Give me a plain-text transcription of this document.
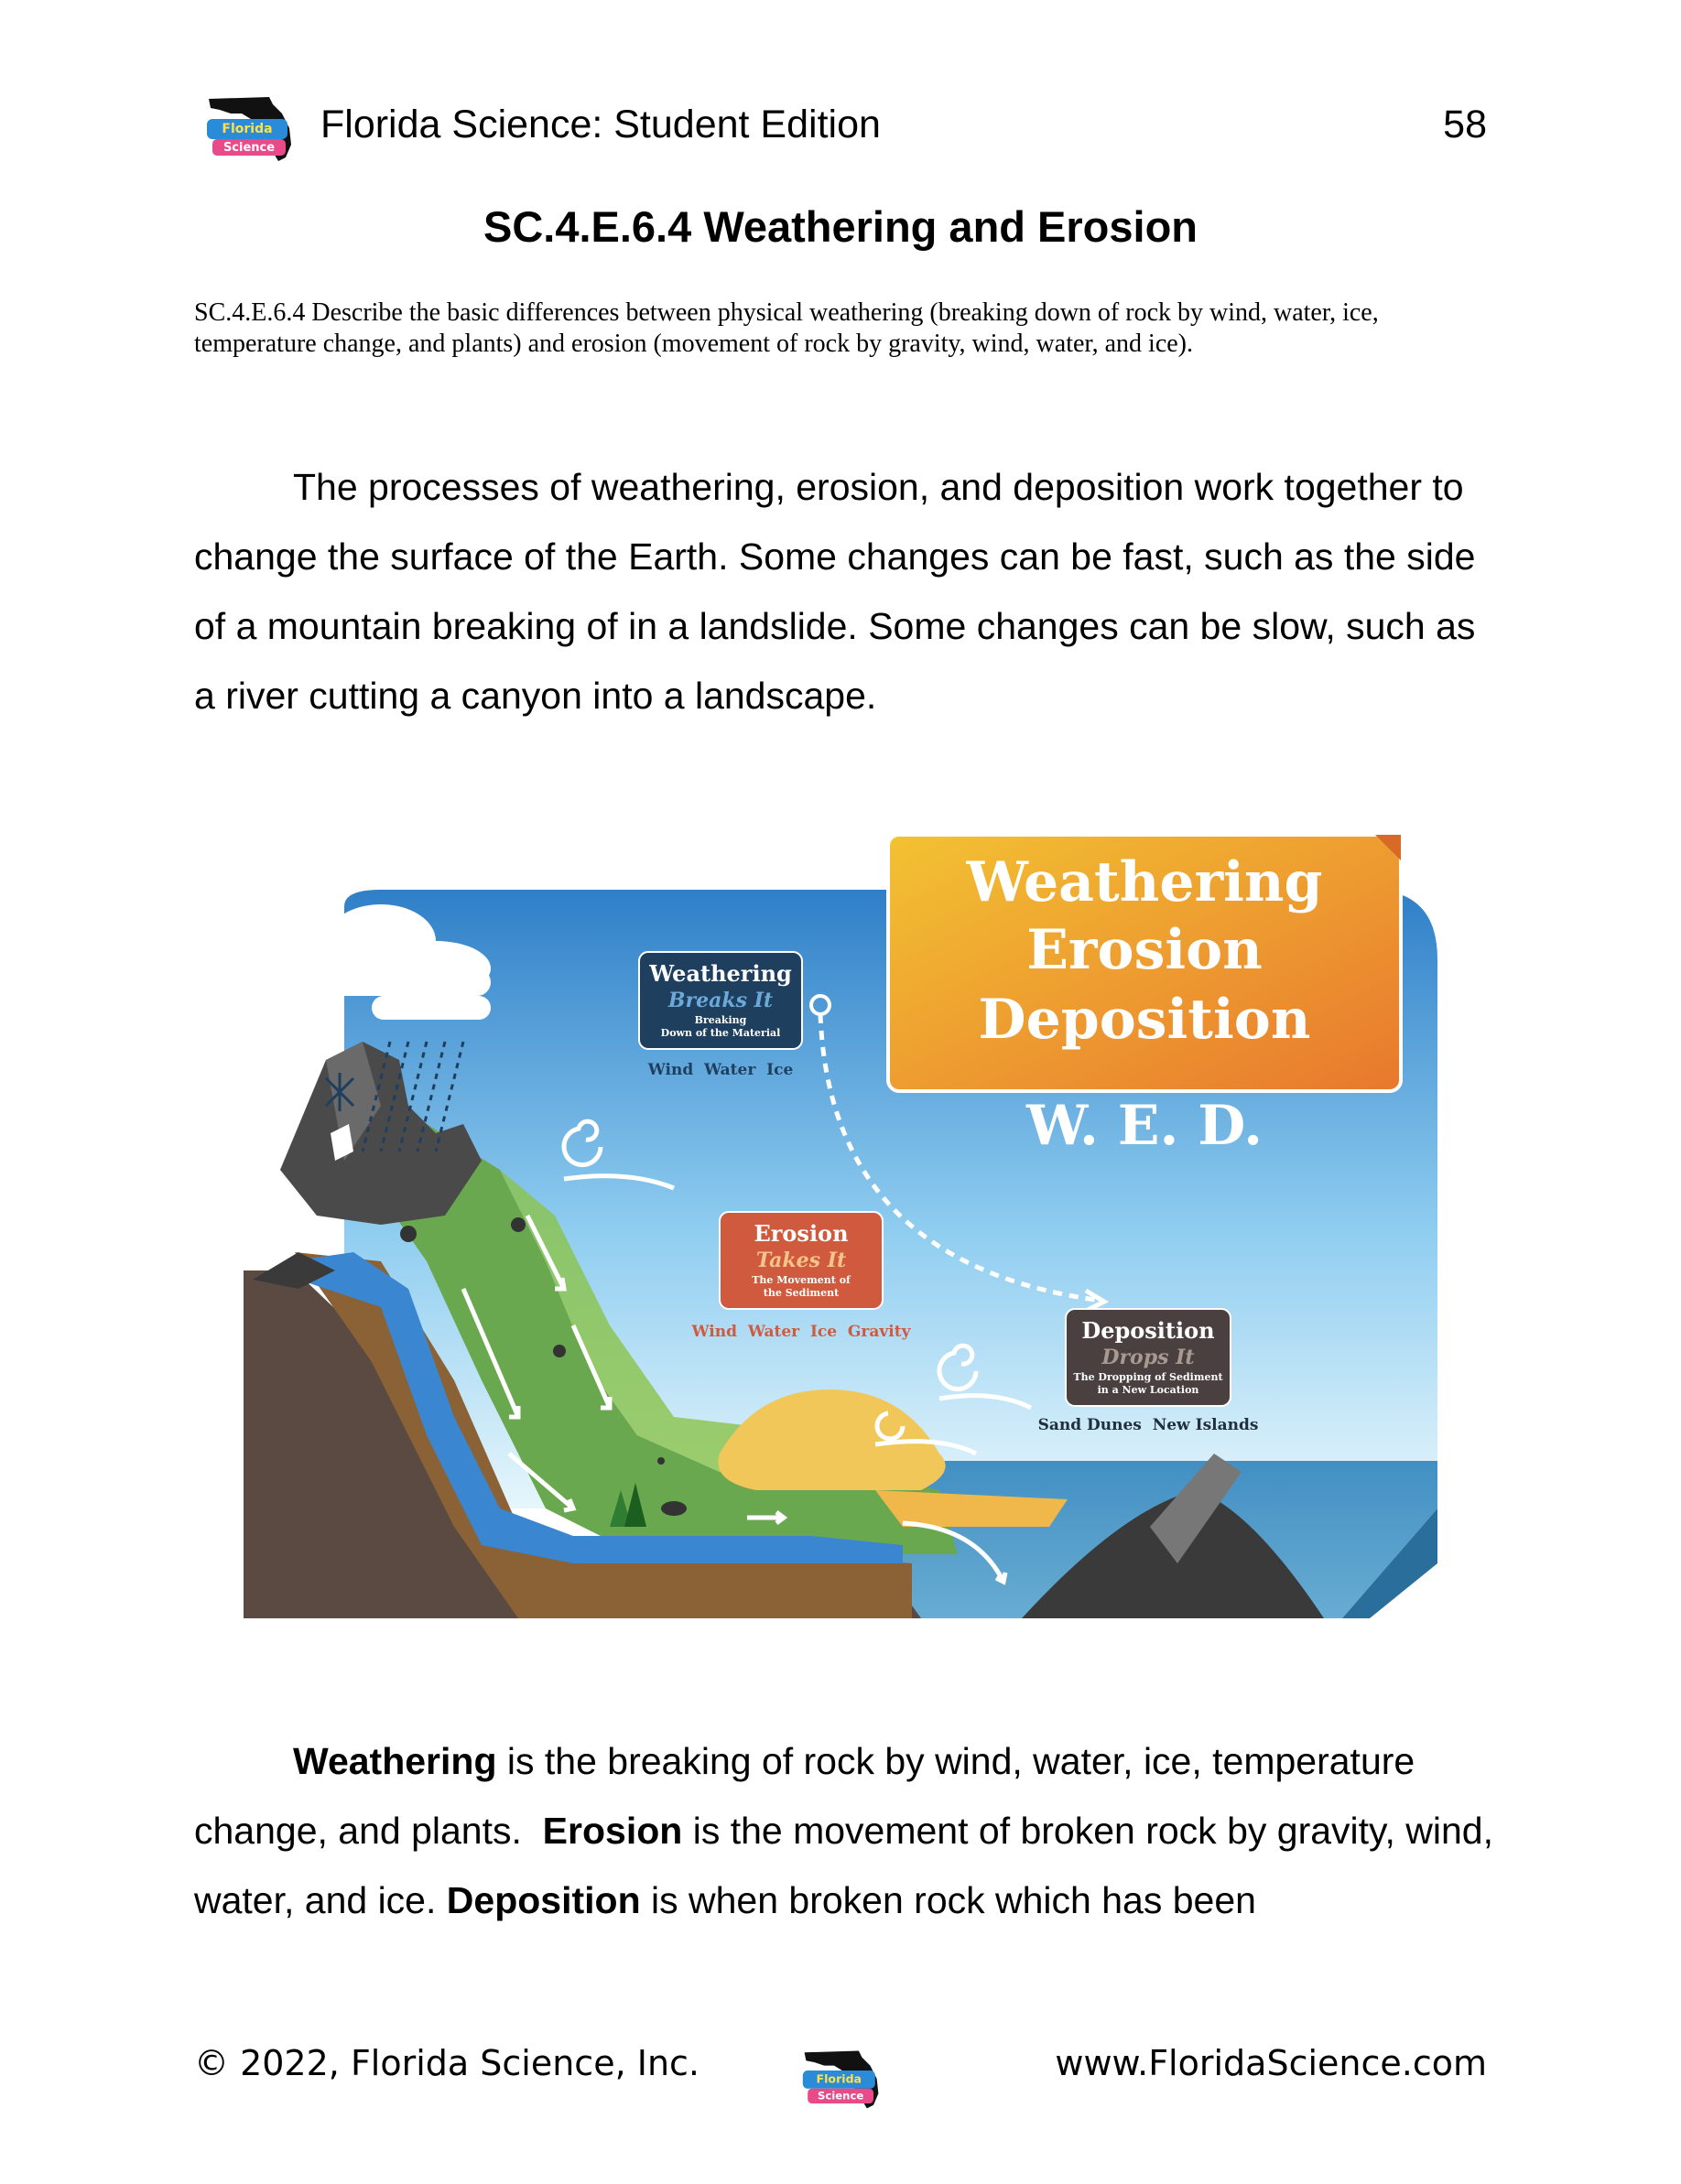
Florida
Science
Florida Science: Student Edition	58
SC.4.E.6.4 Weathering and Erosion
SC.4.E.6.4 Describe the basic differences between physical weathering (breaking down of rock by wind, water, ice, temperature change, and plants) and erosion (movement of rock by gravity, wind, water, and ice).

The processes of weathering, erosion, and deposition work together to change the surface of the Earth. Some changes can be fast, such as the side of a mountain breaking of in a landslide. Some changes can be slow, such as a river cutting a canyon into a landscape.

Weathering
Breaks It
Breaking
Down of the Material
Wind  Water  Ice
Erosion
Takes It
The Movement of
the Sediment
Wind  Water  Ice  Gravity	Deposition
Drops It
The Dropping of Sediment
in a New Location
Sand Dunes  New Islands
Weathering
Erosion
Deposition
W. E. D.

Weathering is the breaking of rock by wind, water, ice, temperature change, and plants.  Erosion is the movement of broken rock by gravity, wind, water, and ice. Deposition is when broken rock which has been

© 2022, Florida Science, Inc.	Florida
Science
www.FloridaScience.com
